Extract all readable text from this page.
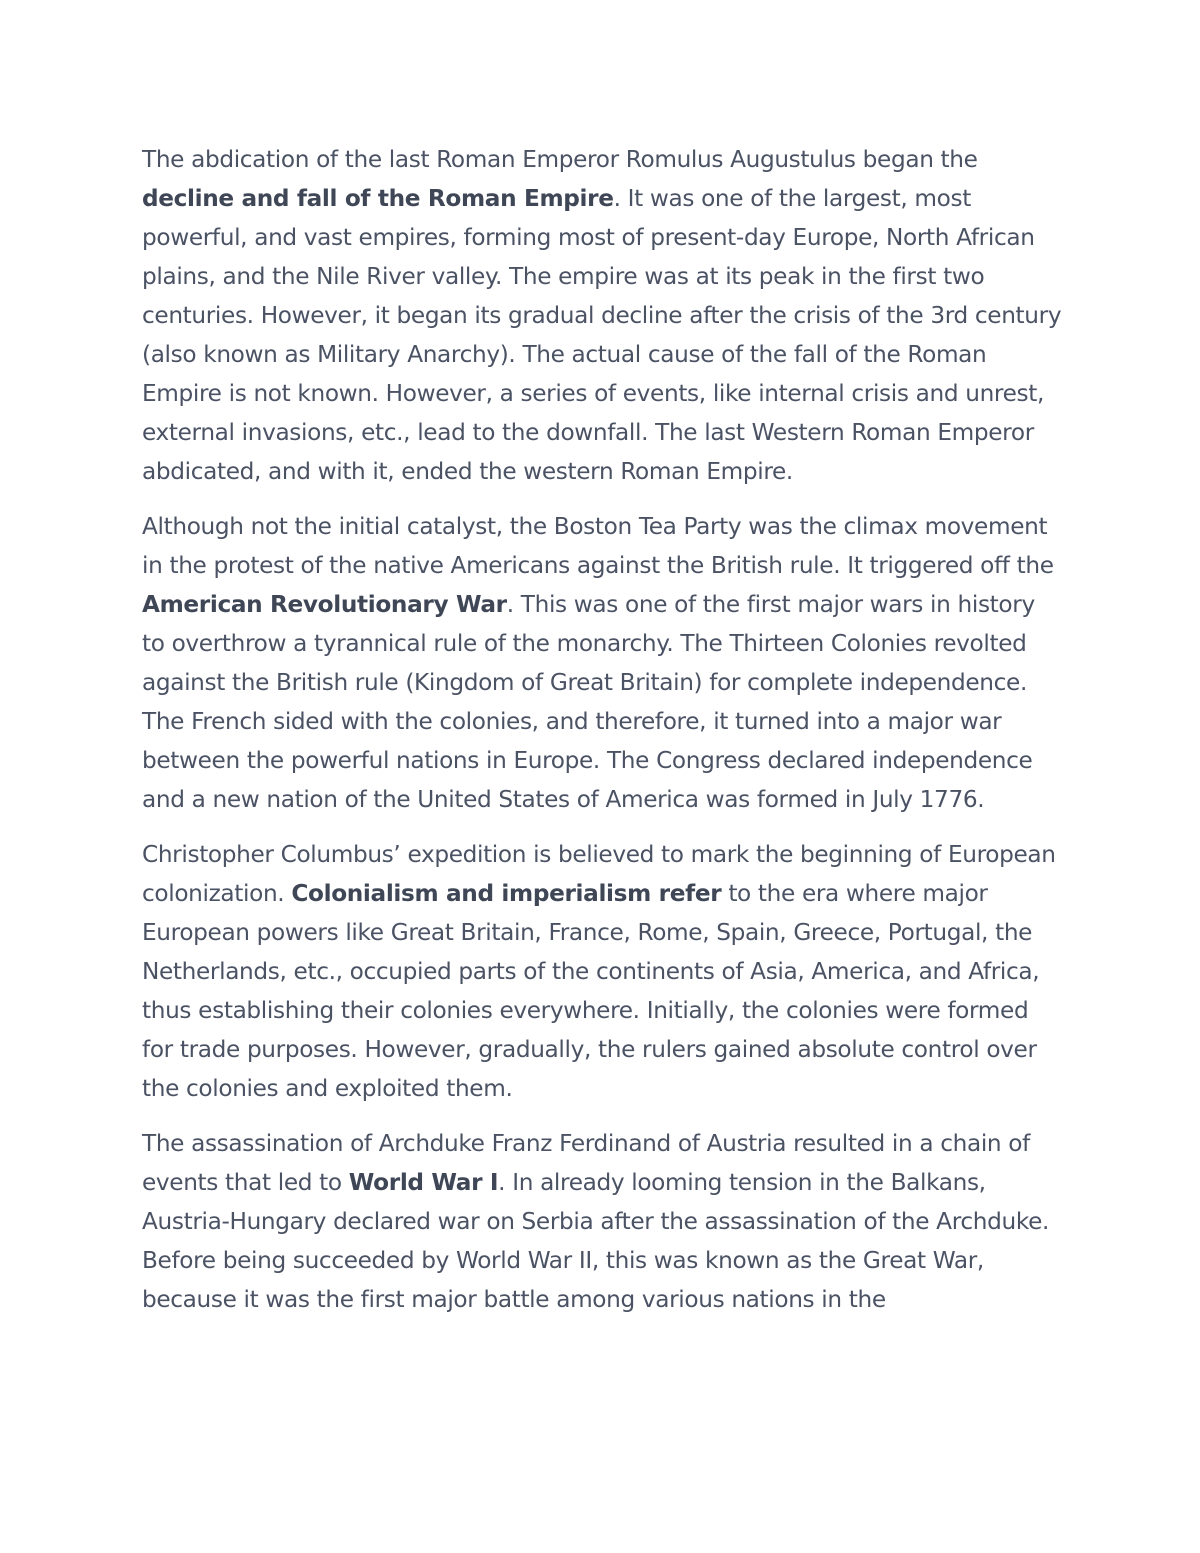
The abdication of the last Roman Emperor Romulus Augustulus began the decline and fall of the Roman Empire. It was one of the largest, most powerful, and vast empires, forming most of present-day Europe, North African plains, and the Nile River valley. The empire was at its peak in the first two centuries. However, it began its gradual decline after the crisis of the 3rd century (also known as Military Anarchy). The actual cause of the fall of the Roman Empire is not known. However, a series of events, like internal crisis and unrest, external invasions, etc., lead to the downfall. The last Western Roman Emperor abdicated, and with it, ended the western Roman Empire.

Although not the initial catalyst, the Boston Tea Party was the climax movement in the protest of the native Americans against the British rule. It triggered off the American Revolutionary War. This was one of the first major wars in history to overthrow a tyrannical rule of the monarchy. The Thirteen Colonies revolted against the British rule (Kingdom of Great Britain) for complete independence. The French sided with the colonies, and therefore, it turned into a major war between the powerful nations in Europe. The Congress declared independence and a new nation of the United States of America was formed in July 1776.

Christopher Columbus’ expedition is believed to mark the beginning of European colonization. Colonialism and imperialism refer to the era where major European powers like Great Britain, France, Rome, Spain, Greece, Portugal, the Netherlands, etc., occupied parts of the continents of Asia, America, and Africa, thus establishing their colonies everywhere. Initially, the colonies were formed for trade purposes. However, gradually, the rulers gained absolute control over the colonies and exploited them.

The assassination of Archduke Franz Ferdinand of Austria resulted in a chain of events that led to World War I. In already looming tension in the Balkans, Austria-Hungary declared war on Serbia after the assassination of the Archduke. Before being succeeded by World War II, this was known as the Great War, because it was the first major battle among various nations in the
